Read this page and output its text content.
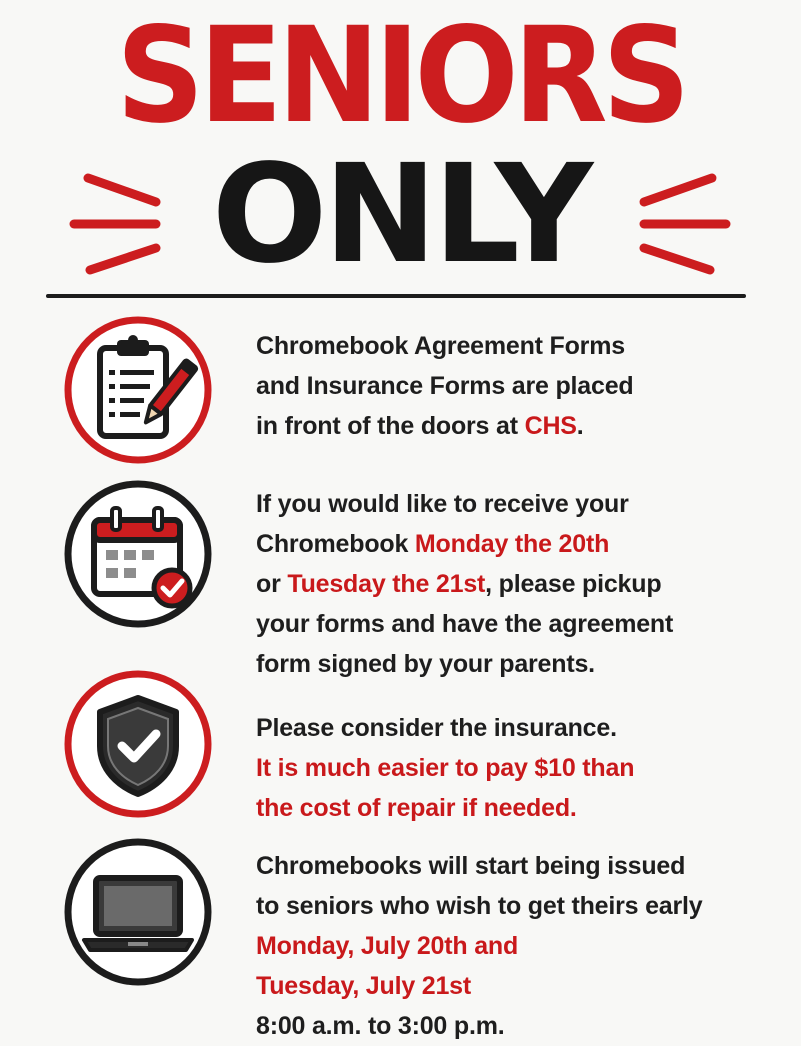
SENIORS
ONLY
Chromebook Agreement Forms
and Insurance Forms are placed
in front of the doors at CHS.
If you would like to receive your
Chromebook Monday the 20th
or Tuesday the 21st, please pickup
your forms and have the agreement
form signed by your parents.
Please consider the insurance.
It is much easier to pay $10 than
the cost of repair if needed.
Chromebooks will start being issued
to seniors who wish to get theirs early
Monday, July 20th and
Tuesday, July 21st
8:00 a.m. to 3:00 p.m.
